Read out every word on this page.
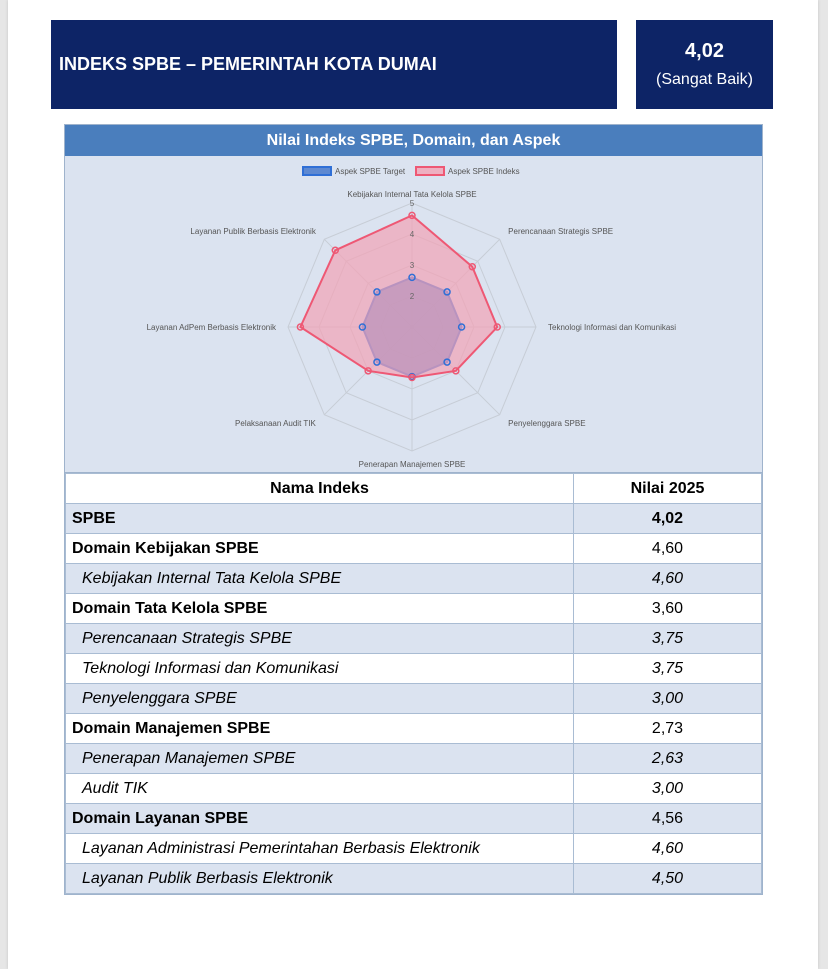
INDEKS SPBE – PEMERINTAH KOTA DUMAI
4,02
(Sangat Baik)
Nilai Indeks SPBE, Domain, dan Aspek
2
3
4
5
Kebijakan Internal Tata Kelola SPBE
Perencanaan Strategis SPBE
Teknologi Informasi dan Komunikasi
Penyelenggara SPBE
Penerapan Manajemen SPBE
Pelaksanaan Audit TIK
Layanan AdPem Berbasis Elektronik
Layanan Publik Berbasis Elektronik
Aspek SPBE Target	Aspek SPBE Indeks
Nama Indeks	Nilai 2025
SPBE	4,02
Domain Kebijakan SPBE	4,60
Kebijakan Internal Tata Kelola SPBE	4,60
Domain Tata Kelola SPBE	3,60
Perencanaan Strategis SPBE	3,75
Teknologi Informasi dan Komunikasi	3,75
Penyelenggara SPBE	3,00
Domain Manajemen SPBE	2,73
Penerapan Manajemen SPBE	2,63
Audit TIK	3,00
Domain Layanan SPBE	4,56
Layanan Administrasi Pemerintahan Berbasis Elektronik	4,60
Layanan Publik Berbasis Elektronik	4,50
